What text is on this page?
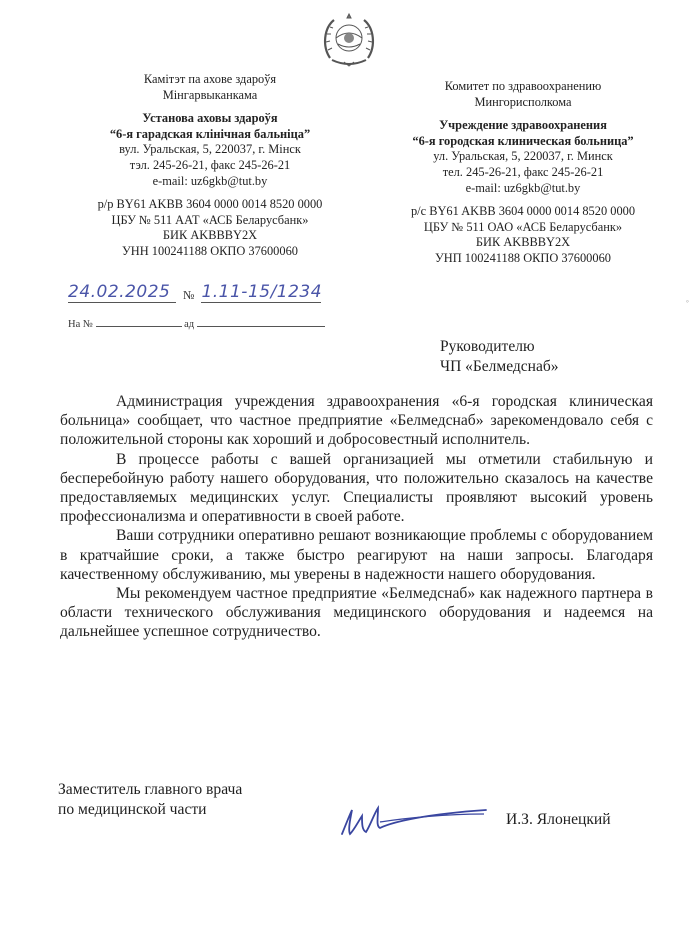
Камітэт па ахове здароўя
Мінгарвыканкама
Установа аховы здароўя
“6-я гарадская клінічная бальніца”
вул. Уральская, 5, 220037, г. Мінск
тэл. 245-26-21, факс 245-26-21
e-mail: uz6gkb@tut.by
р/р BY61 AKBB 3604 0000 0014 8520 0000
ЦБУ № 511 ААТ «АСБ Беларусбанк»
БИК AKBBBY2X
УНН 100241188 ОКПО 37600060
Комитет по здравоохранению
Мингорисполкома
Учреждение здравоохранения
“6-я городская клиническая больница”
ул. Уральская, 5, 220037, г. Минск
тел. 245-26-21, факс 245-26-21
e-mail: uz6gkb@tut.by
р/с BY61 AKBB 3604 0000 0014 8520 0000
ЦБУ № 511 ОАО «АСБ Беларусбанк»
БИК AKBBBY2X
УНП 100241188 ОКПО 37600060
24.02.2025 № 1.11-15/1234
На №	ад
◦
Руководителю
ЧП «Белмедснаб»

Администрация учреждения здравоохранения «6-я городская клиническая больница» сообщает, что частное предприятие «Белмедснаб» зарекомендовало себя с положительной стороны как хороший и добросовестный исполнитель.

В процессе работы с вашей организацией мы отметили стабильную и бесперебойную работу нашего оборудования, что положительно сказалось на качестве предоставляемых медицинских услуг. Специалисты проявляют высокий уровень профессионализма и оперативности в своей работе.

Ваши сотрудники оперативно решают возникающие проблемы с оборудованием в кратчайшие сроки, а также быстро реагируют на наши запросы. Благодаря качественному обслуживанию, мы уверены в надежности нашего оборудования.

Мы рекомендуем частное предприятие «Белмедснаб» как надежного партнера в области технического обслуживания медицинского оборудования и надеемся на дальнейшее успешное сотрудничество.

Заместитель главного врача
по медицинской части
И.З. Ялонецкий
